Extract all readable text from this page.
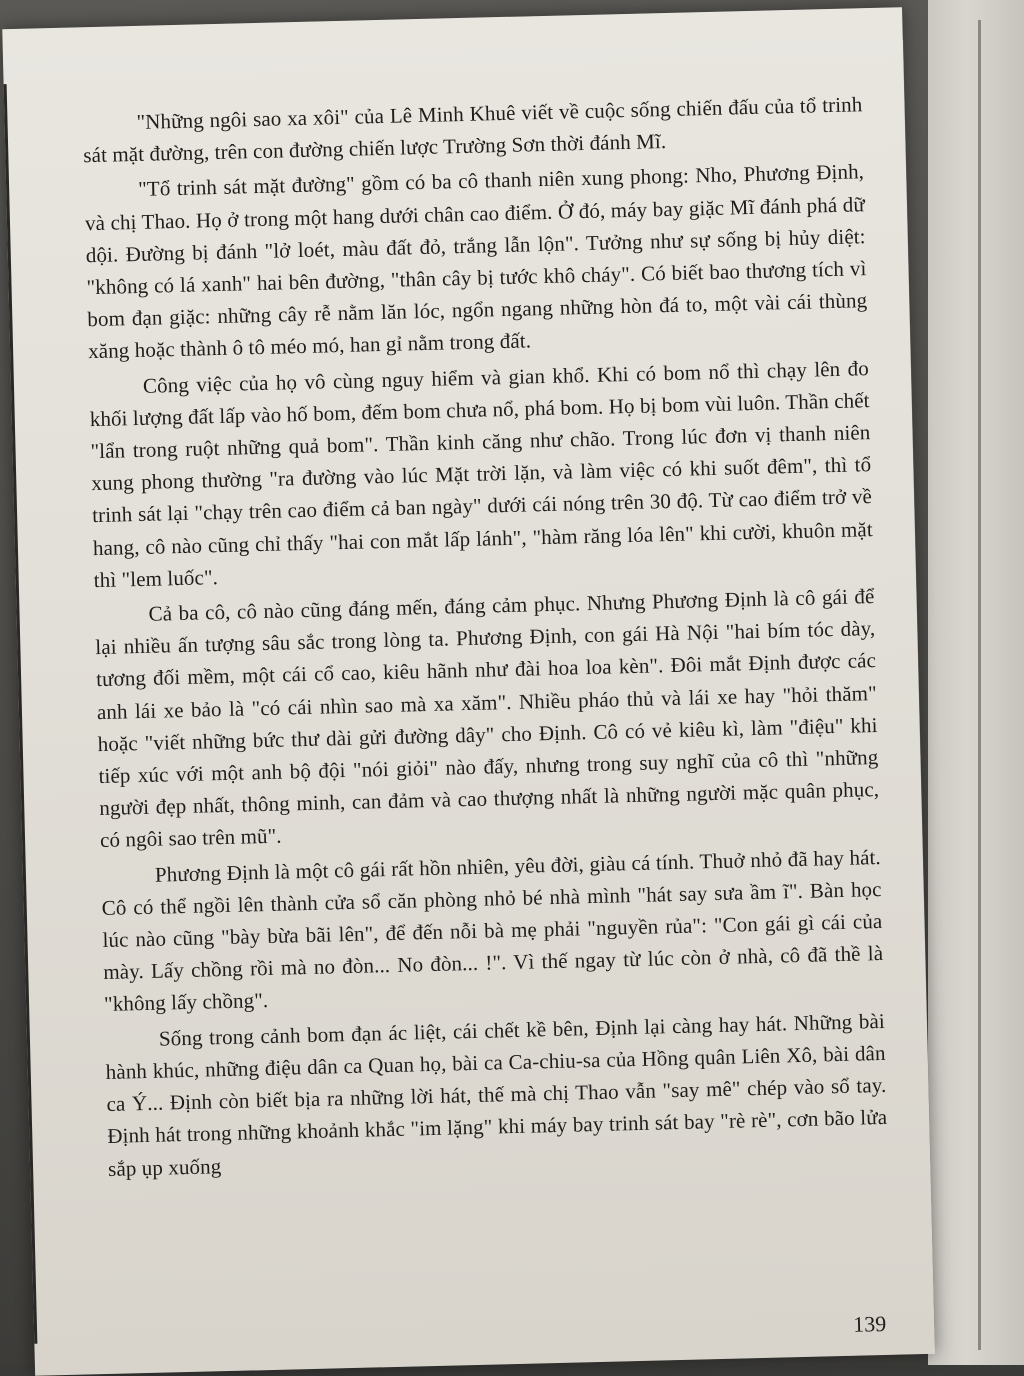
"Những ngôi sao xa xôi" của Lê Minh Khuê viết về cuộc sống chiến đấu của tổ trinh sát mặt đường, trên con đường chiến lược Trường Sơn thời đánh Mĩ.

"Tổ trinh sát mặt đường" gồm có ba cô thanh niên xung phong: Nho, Phương Định, và chị Thao. Họ ở trong một hang dưới chân cao điểm. Ở đó, máy bay giặc Mĩ đánh phá dữ dội. Đường bị đánh "lở loét, màu đất đỏ, trắng lẫn lộn". Tưởng như sự sống bị hủy diệt: "không có lá xanh" hai bên đường, "thân cây bị tước khô cháy". Có biết bao thương tích vì bom đạn giặc: những cây rễ nằm lăn lóc, ngổn ngang những hòn đá to, một vài cái thùng xăng hoặc thành ô tô méo mó, han gỉ nằm trong đất.

Công việc của họ vô cùng nguy hiểm và gian khổ. Khi có bom nổ thì chạy lên đo khối lượng đất lấp vào hố bom, đếm bom chưa nổ, phá bom. Họ bị bom vùi luôn. Thần chết "lẩn trong ruột những quả bom". Thần kinh căng như chão. Trong lúc đơn vị thanh niên xung phong thường "ra đường vào lúc Mặt trời lặn, và làm việc có khi suốt đêm", thì tổ trinh sát lại "chạy trên cao điểm cả ban ngày" dưới cái nóng trên 30 độ. Từ cao điểm trở về hang, cô nào cũng chỉ thấy "hai con mắt lấp lánh", "hàm răng lóa lên" khi cười, khuôn mặt thì "lem luốc".

Cả ba cô, cô nào cũng đáng mến, đáng cảm phục. Nhưng Phương Định là cô gái để lại nhiều ấn tượng sâu sắc trong lòng ta. Phương Định, con gái Hà Nội "hai bím tóc dày, tương đối mềm, một cái cổ cao, kiêu hãnh như đài hoa loa kèn". Đôi mắt Định được các anh lái xe bảo là "có cái nhìn sao mà xa xăm". Nhiều pháo thủ và lái xe hay "hỏi thăm" hoặc "viết những bức thư dài gửi đường dây" cho Định. Cô có vẻ kiêu kì, làm "điệu" khi tiếp xúc với một anh bộ đội "nói giỏi" nào đấy, nhưng trong suy nghĩ của cô thì "những người đẹp nhất, thông minh, can đảm và cao thượng nhất là những người mặc quân phục, có ngôi sao trên mũ".

Phương Định là một cô gái rất hồn nhiên, yêu đời, giàu cá tính. Thuở nhỏ đã hay hát. Cô có thể ngồi lên thành cửa sổ căn phòng nhỏ bé nhà mình "hát say sưa ầm ĩ". Bàn học lúc nào cũng "bày bừa bãi lên", để đến nỗi bà mẹ phải "nguyền rủa": "Con gái gì cái của mày. Lấy chồng rồi mà no đòn... No đòn... !". Vì thế ngay từ lúc còn ở nhà, cô đã thề là "không lấy chồng".

Sống trong cảnh bom đạn ác liệt, cái chết kề bên, Định lại càng hay hát. Những bài hành khúc, những điệu dân ca Quan họ, bài ca Ca-chiu-sa của Hồng quân Liên Xô, bài dân ca Ý... Định còn biết bịa ra những lời hát, thế mà chị Thao vẫn "say mê" chép vào sổ tay. Định hát trong những khoảnh khắc "im lặng" khi máy bay trinh sát bay "rè rè", cơn bão lửa sắp ụp xuống

139
